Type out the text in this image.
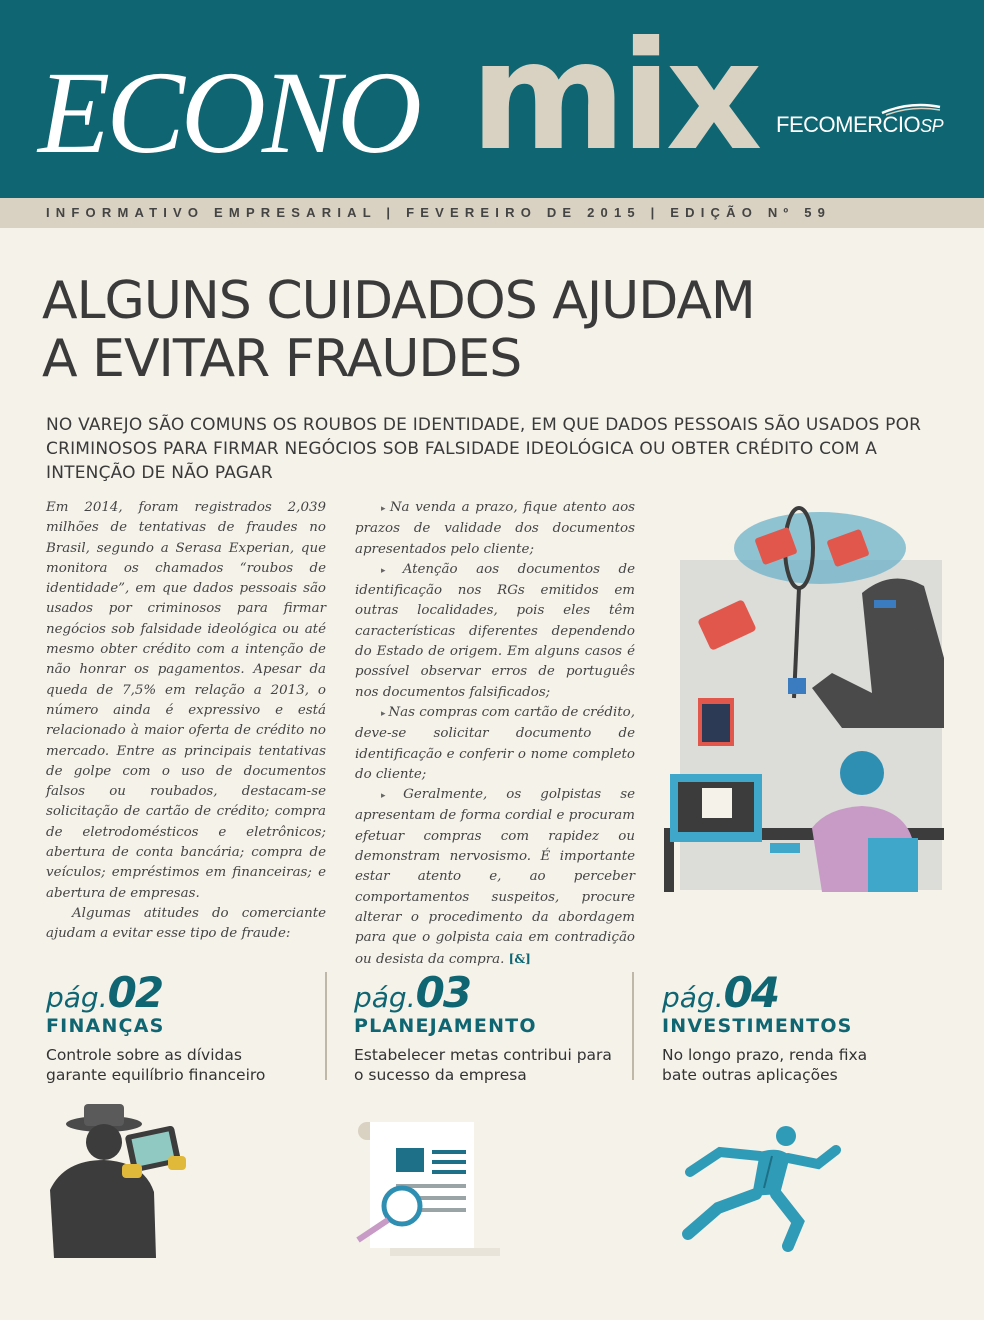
ECONO mix FECOMERCIOSP
INFORMATIVO EMPRESARIAL | FEVEREIRO DE 2015 | EDIÇÃO Nº 59
ALGUNS CUIDADOS AJUDAM
A EVITAR FRAUDES
NO VAREJO SÃO COMUNS OS ROUBOS DE IDENTIDADE, EM QUE DADOS PESSOAIS SÃO USADOS POR CRIMINOSOS PARA FIRMAR NEGÓCIOS SOB FALSIDADE IDEOLÓGICA OU OBTER CRÉDITO COM A INTENÇÃO DE NÃO PAGAR

Em 2014, foram registrados 2,039 milhões de tentativas de fraudes no Brasil, segundo a Serasa Experian, que monitora os chamados “roubos de identidade”, em que dados pessoais são usados por criminosos para firmar negócios sob falsidade ideológica ou até mesmo obter crédito com a intenção de não honrar os pagamentos. Apesar da queda de 7,5% em relação a 2013, o número ainda é expressivo e está relacionado à maior oferta de crédito no mercado. Entre as principais tentativas de golpe com o uso de documentos falsos ou roubados, destacam-se solicitação de cartão de crédito; compra de eletrodomésticos e eletrônicos; abertura de conta bancária; compra de veículos; empréstimos em financeiras; e abertura de empresas.

Algumas atitudes do comerciante ajudam a evitar esse tipo de fraude:

▸ Na venda a prazo, fique atento aos prazos de validade dos documentos apresentados pelo cliente;

▸ Atenção aos documentos de identificação nos RGs emitidos em outras localidades, pois eles têm características diferentes dependendo do Estado de origem. Em alguns casos é possível observar erros de português nos documentos falsificados;

▸ Nas compras com cartão de crédito, deve-se solicitar documento de identificação e conferir o nome completo do cliente;

▸ Geralmente, os golpistas se apresentam de forma cordial e procuram efetuar compras com rapidez ou demonstram nervosismo. É importante estar atento e, ao perceber comportamentos suspeitos, procure alterar o procedimento da abordagem para que o golpista caia em contradição ou desista da compra. [&]

pág.02
FINANÇAS
Controle sobre as dívidas
garante equilíbrio financeiro
pág.03
PLANEJAMENTO
Estabelecer metas contribui para
o sucesso da empresa
pág.04
INVESTIMENTOS
No longo prazo, renda fixa
bate outras aplicações
